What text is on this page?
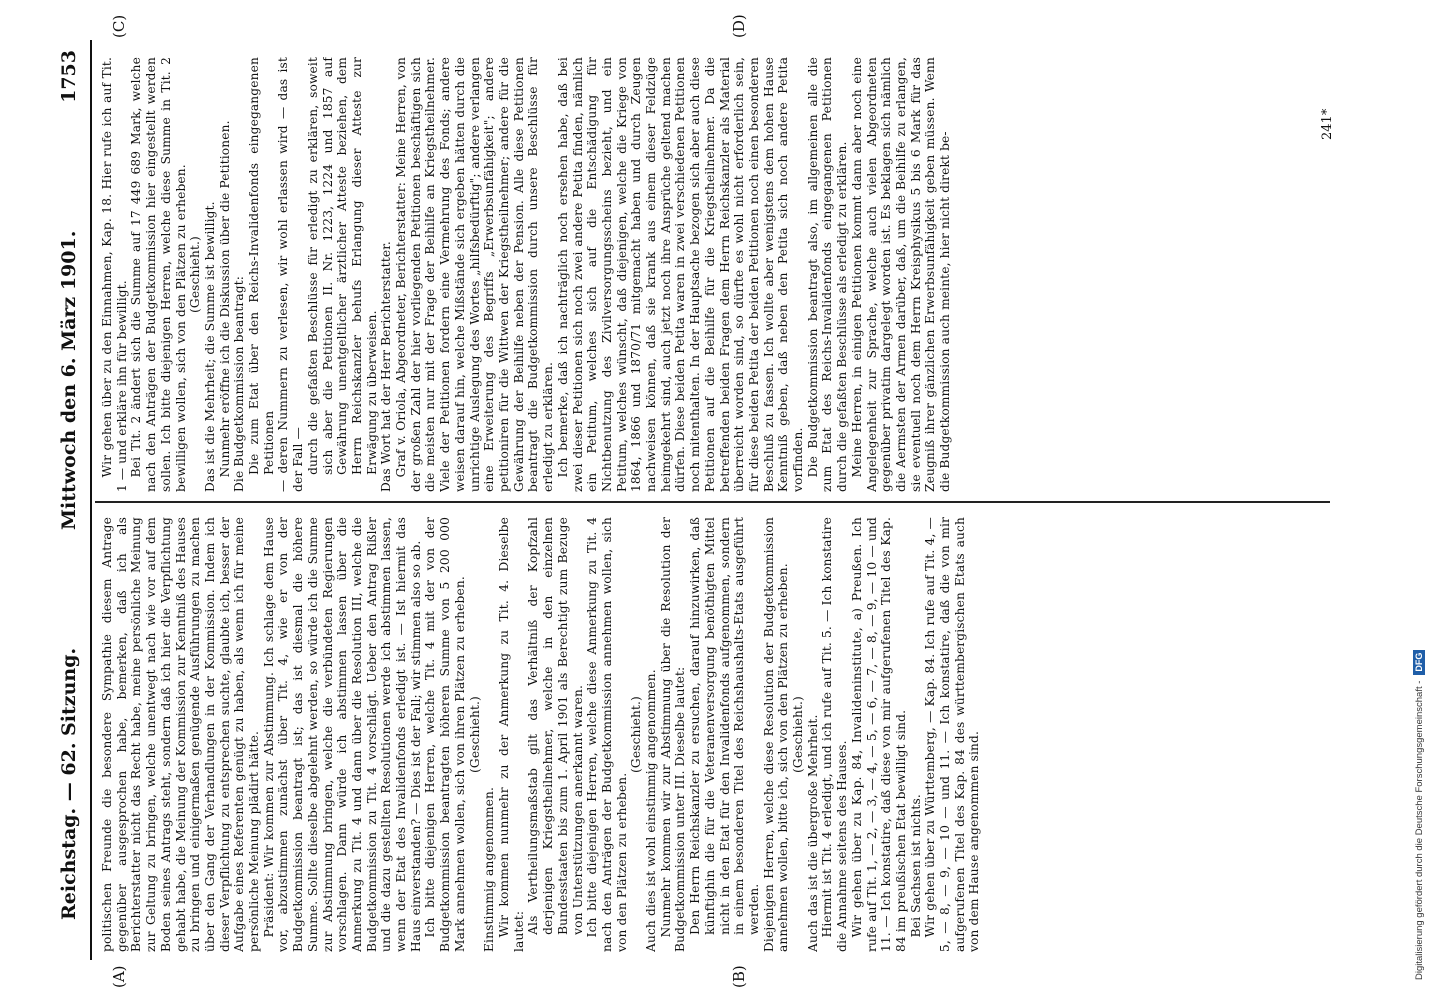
Reichstag. — 62. Sitzung.
Mittwoch den 6. März 1901.
1753
(A)	(B)
(C)	(D)

politischen Freunde die besondere Sympathie diesem Antrage gegenüber ausgesprochen habe, bemerken, daß ich als Berichterstatter nicht das Recht habe, meine persönliche Meinung zur Geltung zu bringen, welche unentwegt nach wie vor auf dem Boden seines Antrags steht, sondern daß ich hier die Verpflichtung gehabt habe, die Meinung der Kommission zur Kenntniß des Hauses zu bringen und einigermaßen genügende Ausführungen zu machen über den Gang der Verhandlungen in der Kommission. Indem ich dieser Verpflichtung zu entsprechen suchte, glaubte ich, besser der Aufgabe eines Referenten genügt zu haben, als wenn ich für meine persönliche Meinung plädirt hätte. Präsident: Wir kommen zur Abstimmung. Ich schlage dem Hause vor, abzustimmen zunächst über Tit. 4, wie er von der Budgetkommission beantragt ist; das ist diesmal die höhere Summe. Sollte dieselbe abgelehnt werden, so würde ich die Summe zur Abstimmung bringen, welche die verbündeten Regierungen vorschlagen. Dann würde ich abstimmen lassen über die Anmerkung zu Tit. 4 und dann über die Resolution III, welche die Budgetkommission zu Tit. 4 vorschlägt. Ueber den Antrag Rißler und die dazu gestellten Resolutionen werde ich abstimmen lassen, wenn der Etat des Invalidenfonds erledigt ist. — Ist hiermit das Haus einverstanden? — Dies ist der Fall; wir stimmen also so ab. Ich bitte diejenigen Herren, welche Tit. 4 mit der von der Budgetkommission beantragten höheren Summe von 5 200 000 Mark annehmen wollen, sich von ihren Plätzen zu erheben. (Geschieht.)

Einstimmig angenommen. Wir kommen nunmehr zu der Anmerkung zu Tit. 4. Dieselbe lautet: Als Vertheilungsmaßstab gilt das Verhältniß der Kopfzahl derjenigen Kriegstheilnehmer, welche in den einzelnen Bundesstaaten bis zum 1. April 1901 als Berechtigt zum Bezuge von Unterstützungen anerkannt waren. Ich bitte diejenigen Herren, welche diese Anmerkung zu Tit. 4 nach den Anträgen der Budgetkommission annehmen wollen, sich von den Plätzen zu erheben.

(Geschieht.) Auch dies ist wohl einstimmig angenommen. Nunmehr kommen wir zur Abstimmung über die Resolution der Budgetkommission unter III. Dieselbe lautet: Den Herrn Reichskanzler zu ersuchen, darauf hinzuwirken, daß künftighin die für die Veteranenversorgung benöthigten Mittel nicht in den Etat für den Invalidenfonds aufgenommen, sondern in einem besonderen Titel des Reichshaushalts-Etats ausgeführt werden. Diejenigen Herren, welche diese Resolution der Budgetkommission annehmen wollen, bitte ich, sich von den Plätzen zu erheben. (Geschieht.) Auch das ist die übergroße Mehrheit. Hiermit ist Tit. 4 erledigt, und ich rufe auf Tit. 5. — Ich konstatire die Annahme seitens des Hauses. Wir gehen über zu Kap. 84, Invalideninstitute, a) Preußen. Ich rufe auf Tit. 1, — 2, — 3, — 4, — 5, — 6, — 7, — 8, — 9, — 10 — und 11. — Ich konstatire, daß diese von mir aufgerufenen Titel des Kap. 84 im preußischen Etat bewilligt sind. Bei Sachsen ist nichts. Wir gehen über zu Württemberg, — Kap. 84. Ich rufe auf Tit. 4, — 5, — 8, — 9, — 10 — und 11. — Ich konstatire, daß die von mir aufgerufenen Titel des Kap. 84 des württembergischen Etats auch von dem Hause angenommen sind.

Wir gehen über zu den Einnahmen, Kap. 18. Hier rufe ich auf Tit. 1 — und erkläre ihn für bewilligt. Bei Tit. 2 ändert sich die Summe auf 17 449 689 Mark, welche nach den Anträgen der Budgetkommission hier eingestellt werden sollen. Ich bitte diejenigen Herren, welche diese Summe in Tit. 2 bewilligen wollen, sich von den Plätzen zu erheben. (Geschieht.) Das ist die Mehrheit; die Summe ist bewilligt. Nunmehr eröffne ich die Diskussion über die Petitionen. Die Budgetkommission beantragt: Die zum Etat über den Reichs-Invalidenfonds eingegangenen Petitionen — deren Nummern zu verlesen, wir wohl erlassen wird — das ist der Fall — durch die gefaßten Beschlüsse für erledigt zu erklären, soweit sich aber die Petitionen II. Nr. 1223, 1224 und 1857 auf Gewährung unentgeltlicher ärztlicher Atteste beziehen, dem Herrn Reichskanzler behufs Erlangung dieser Atteste zur Erwägung zu überweisen. Das Wort hat der Herr Berichterstatter. Graf v. Oriola, Abgeordneter, Berichterstatter: Meine Herren, von der großen Zahl der hier vorliegenden Petitionen beschäftigen sich die meisten nur mit der Frage der Beihilfe an Kriegstheilnehmer. Viele der Petitionen fordern eine Vermehrung des Fonds; andere weisen darauf hin, welche Mißstände sich ergeben hätten durch die unrichtige Auslegung des Wortes „hilfsbedürftig"; andere verlangen eine Erweiterung des Begriffs „Erwerbsunfähigkeit"; andere petitioniren für die Wittwen der Kriegstheilnehmer; andere für die Gewährung der Beihilfe neben der Pension. Alle diese Petitionen beantragt die Budgetkommission durch unsere Beschlüsse für erledigt zu erklären. Ich bemerke, daß ich nachträglich noch ersehen habe, daß bei zwei dieser Petitionen sich noch zwei andere Petita finden, nämlich ein Petitum, welches sich auf die Entschädigung für Nichtbenutzung des Zivilversorgungsscheins bezieht, und ein Petitum, welches wünscht, daß diejenigen, welche die Kriege von 1864, 1866 und 1870/71 mitgemacht haben und durch Zeugen nachweisen können, daß sie krank aus einem dieser Feldzüge heimgekehrt sind, auch jetzt noch ihre Ansprüche geltend machen dürfen. Diese beiden Petita waren in zwei verschiedenen Petitionen noch mitenthalten. In der Hauptsache bezogen sich aber auch diese Petitionen auf die Beihilfe für die Kriegstheilnehmer. Da die betreffenden beiden Fragen dem Herrn Reichskanzler als Material überreicht worden sind, so dürfte es wohl nicht erforderlich sein, für diese beiden Petita der beiden Petitionen noch einen besonderen Beschluß zu fassen. Ich wollte aber wenigstens dem hohen Hause Kenntniß geben, daß neben den Petita sich noch andere Petita vorfinden. Die Budgetkommission beantragt also, im allgemeinen alle die zum Etat des Reichs-Invalidenfonds eingegangenen Petitionen durch die gefaßten Beschlüsse als erledigt zu erklären. Meine Herren, in einigen Petitionen kommt dann aber noch eine Angelegenheit zur Sprache, welche auch vielen Abgeordneten gegenüber privatim dargelegt worden ist. Es beklagen sich nämlich die Aermsten der Armen darüber, daß, um die Beihilfe zu erlangen, sie eventuell noch dem Herrn Kreisphysikus 5 bis 6 Mark für das Zeugniß ihrer gänzlichen Erwerbsunfähigkeit geben müssen. Wenn die Budgetkommission auch meinte, hier nicht direkt be-

241*
Digitalisierung gefördert durch die Deutsche Forschungsgemeinschaft -
DFG
